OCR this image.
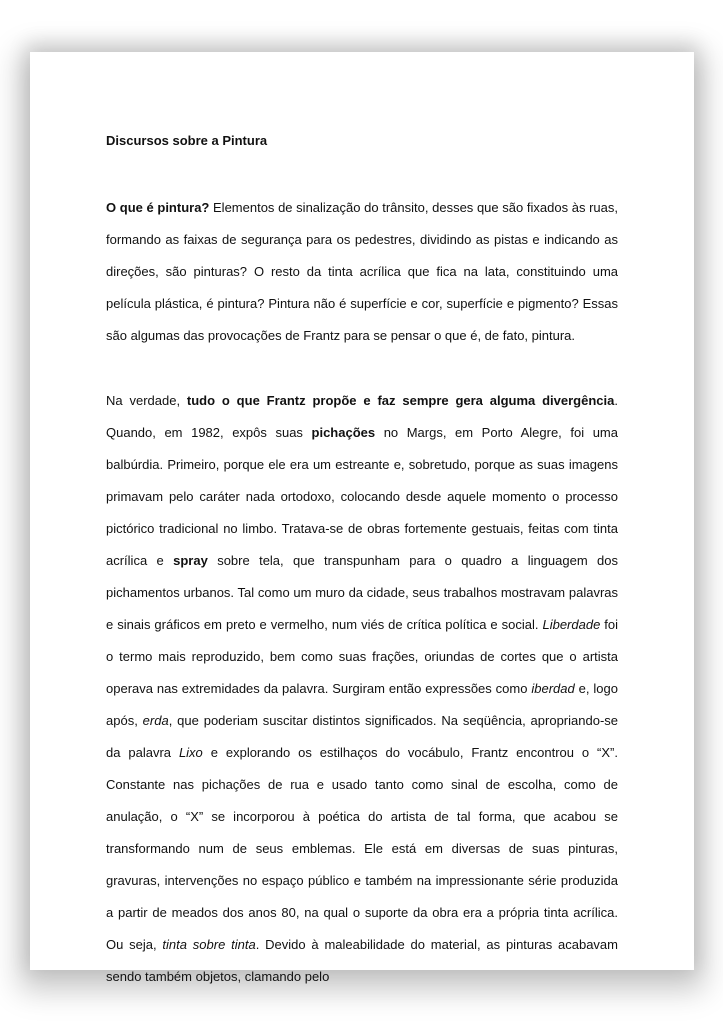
Discursos sobre a Pintura
O que é pintura? Elementos de sinalização do trânsito, desses que são fixados às ruas, formando as faixas de segurança para os pedestres, dividindo as pistas e indicando as direções, são pinturas? O resto da tinta acrílica que fica na lata, constituindo uma película plástica, é pintura? Pintura não é superfície e cor, superfície e pigmento? Essas são algumas das provocações de Frantz para se pensar o que é, de fato, pintura.
Na verdade, tudo o que Frantz propõe e faz sempre gera alguma divergência. Quando, em 1982, expôs suas pichações no Margs, em Porto Alegre, foi uma balbúrdia. Primeiro, porque ele era um estreante e, sobretudo, porque as suas imagens primavam pelo caráter nada ortodoxo, colocando desde aquele momento o processo pictórico tradicional no limbo. Tratava-se de obras fortemente gestuais, feitas com tinta acrílica e spray sobre tela, que transpunham para o quadro a linguagem dos pichamentos urbanos. Tal como um muro da cidade, seus trabalhos mostravam palavras e sinais gráficos em preto e vermelho, num viés de crítica política e social. Liberdade foi o termo mais reproduzido, bem como suas frações, oriundas de cortes que o artista operava nas extremidades da palavra. Surgiram então expressões como iberdad e, logo após, erda, que poderiam suscitar distintos significados. Na seqüência, apropriando-se da palavra Lixo e explorando os estilhaços do vocábulo, Frantz encontrou o “X”. Constante nas pichações de rua e usado tanto como sinal de escolha, como de anulação, o “X” se incorporou à poética do artista de tal forma, que acabou se transformando num de seus emblemas. Ele está em diversas de suas pinturas, gravuras, intervenções no espaço público e também na impressionante série produzida a partir de meados dos anos 80, na qual o suporte da obra era a própria tinta acrílica. Ou seja, tinta sobre tinta. Devido à maleabilidade do material, as pinturas acabavam sendo também objetos, clamando pelo
